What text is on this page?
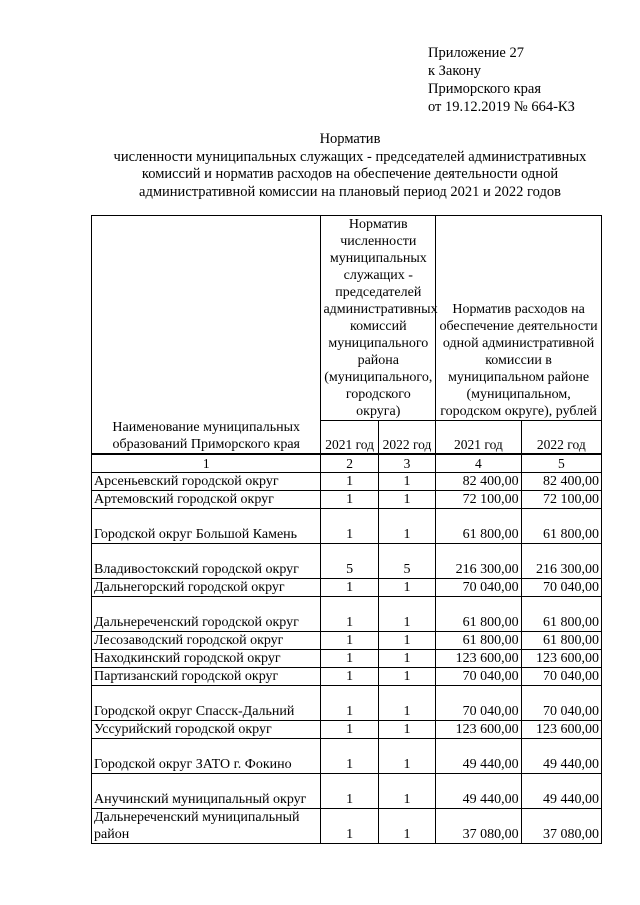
Приложение 27
к Закону
Приморского края
от 19.12.2019 № 664-КЗ
Норматив
численности муниципальных служащих - председателей административных
комиссий и норматив расходов на обеспечение деятельности одной
административной комиссии на плановый период 2021 и 2022 годов
Наименование муниципальных образований Приморского края	Норматив численности муниципальных служащих - председателей административных комиссий муниципального района (муниципального, городского округа)		Норматив расходов на обеспечение деятельности одной административной комиссии в муниципальном районе (муниципальном, городском округе), рублей	
	2021 год	2022 год	2021 год	2022 год
1	2	3	4	5
Арсеньевский городской округ	1	1	82 400,00	82 400,00
Артемовский городской округ	1	1	72 100,00	72 100,00
Городской округ Большой Камень	1	1	61 800,00	61 800,00
Владивостокский городской округ	5	5	216 300,00	216 300,00
Дальнегорский городской округ	1	1	70 040,00	70 040,00
Дальнереченский городской округ	1	1	61 800,00	61 800,00
Лесозаводский городской округ	1	1	61 800,00	61 800,00
Находкинский городской округ	1	1	123 600,00	123 600,00
Партизанский городской округ	1	1	70 040,00	70 040,00
Городской округ Спасск-Дальний	1	1	70 040,00	70 040,00
Уссурийский городской округ	1	1	123 600,00	123 600,00
Городской округ ЗАТО г. Фокино	1	1	49 440,00	49 440,00
Анучинский муниципальный округ	1	1	49 440,00	49 440,00
Дальнереченский муниципальный район	1	1	37 080,00	37 080,00
